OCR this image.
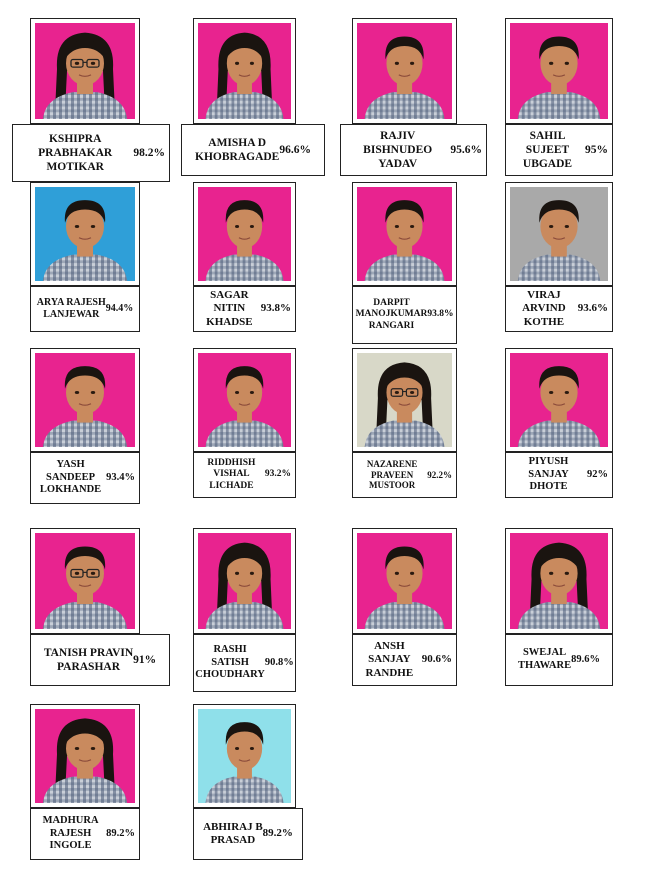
KSHIPRA PRABHAKAR
MOTIKAR
98.2%
AMISHA D
KHOBRAGADE
96.6%
RAJIV BISHNUDEO
YADAV
95.6%
SAHIL SUJEET
UBGADE
95%
ARYA RAJESH
LANJEWAR
94.4%
SAGAR NITIN
KHADSE
93.8%	DARPIT
MANOJKUMAR
RANGARI
93.8%
VIRAJ ARVIND
KOTHE
93.6%
YASH SANDEEP
LOKHANDE
93.4%
RIDDHISH VISHAL
LICHADE
93.2%
NAZARENE PRAVEEN
MUSTOOR
92.2%
PIYUSH SANJAY
DHOTE
92%
TANISH PRAVIN
PARASHAR
91%
RASHI SATISH
CHOUDHARY
90.8%
ANSH SANJAY
RANDHE
90.6%
SWEJAL
THAWARE
89.6%
MADHURA
RAJESH INGOLE
89.2%
ABHIRAJ B
PRASAD
89.2%
